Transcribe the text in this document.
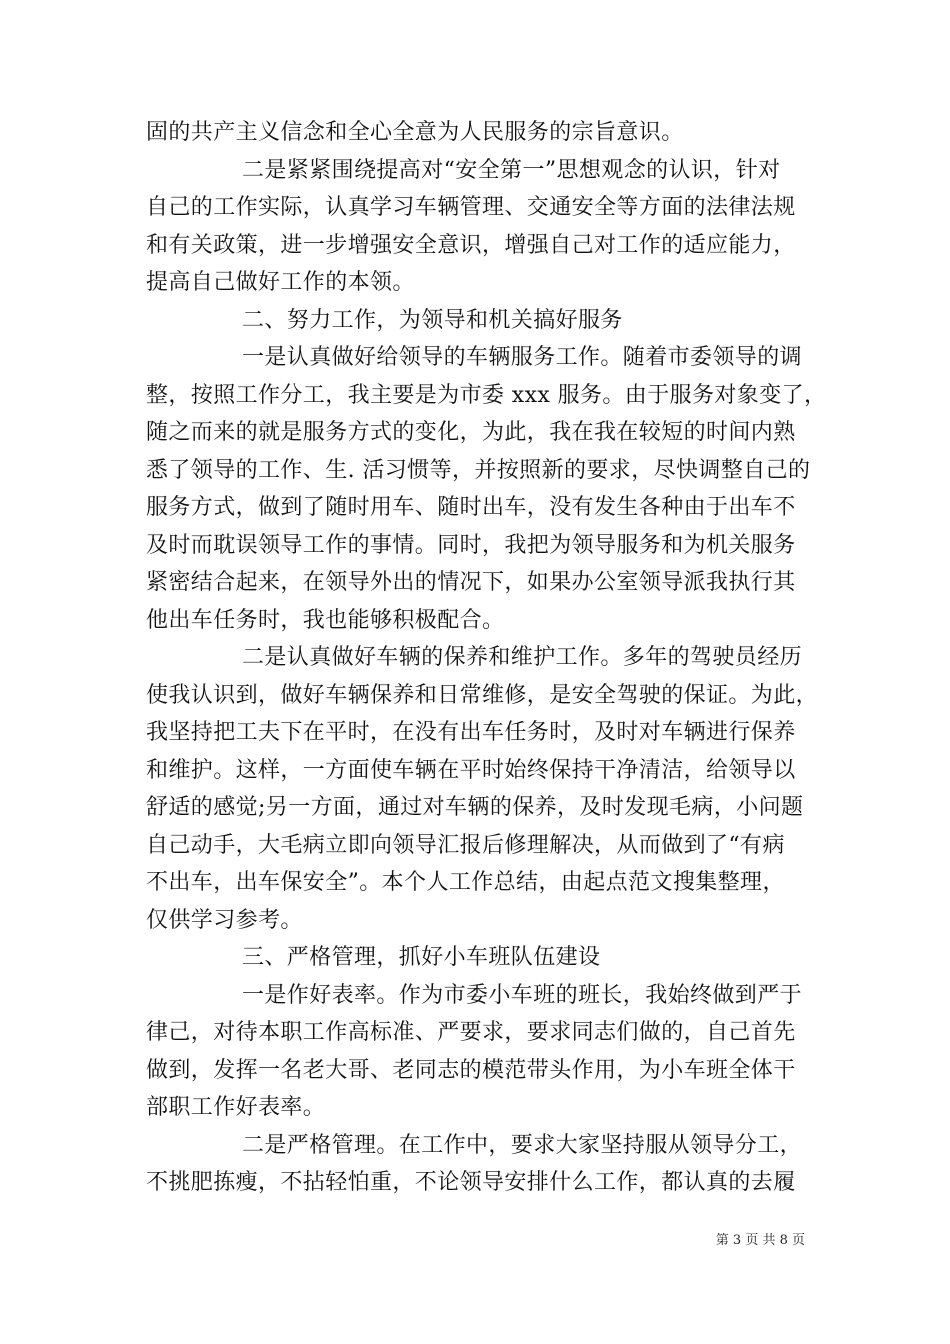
固的共产主义信念和全心全意为人民服务的宗旨意识。
二是紧紧围绕提高对“安全第一”思想观念的认识，针对
自己的工作实际，认真学习车辆管理、交通安全等方面的法律法规
和有关政策，进一步增强安全意识，增强自己对工作的适应能力，
提高自己做好工作的本领。
二、努力工作，为领导和机关搞好服务
一是认真做好给领导的车辆服务工作。随着市委领导的调
整，按照工作分工，我主要是为市委 xxx 服务。由于服务对象变了，
随之而来的就是服务方式的变化，为此，我在我在较短的时间内熟
悉了领导的工作、生. 活习惯等，并按照新的要求，尽快调整自己的
服务方式，做到了随时用车、随时出车，没有发生各种由于出车不
及时而耽误领导工作的事情。同时，我把为领导服务和为机关服务
紧密结合起来，在领导外出的情况下，如果办公室领导派我执行其
他出车任务时，我也能够积极配合。
二是认真做好车辆的保养和维护工作。多年的驾驶员经历
使我认识到，做好车辆保养和日常维修，是安全驾驶的保证。为此，
我坚持把工夫下在平时，在没有出车任务时，及时对车辆进行保养
和维护。这样，一方面使车辆在平时始终保持干净清洁，给领导以
舒适的感觉;另一方面，通过对车辆的保养，及时发现毛病，小问题
自己动手，大毛病立即向领导汇报后修理解决，从而做到了“有病
不出车，出车保安全”。本个人工作总结，由起点范文搜集整理，
仅供学习参考。
三、严格管理，抓好小车班队伍建设
一是作好表率。作为市委小车班的班长，我始终做到严于
律己，对待本职工作高标准、严要求，要求同志们做的，自己首先
做到，发挥一名老大哥、老同志的模范带头作用，为小车班全体干
部职工作好表率。
二是严格管理。在工作中，要求大家坚持服从领导分工，
不挑肥拣瘦，不拈轻怕重，不论领导安排什么工作，都认真的去履
第 3 页 共 8 页
